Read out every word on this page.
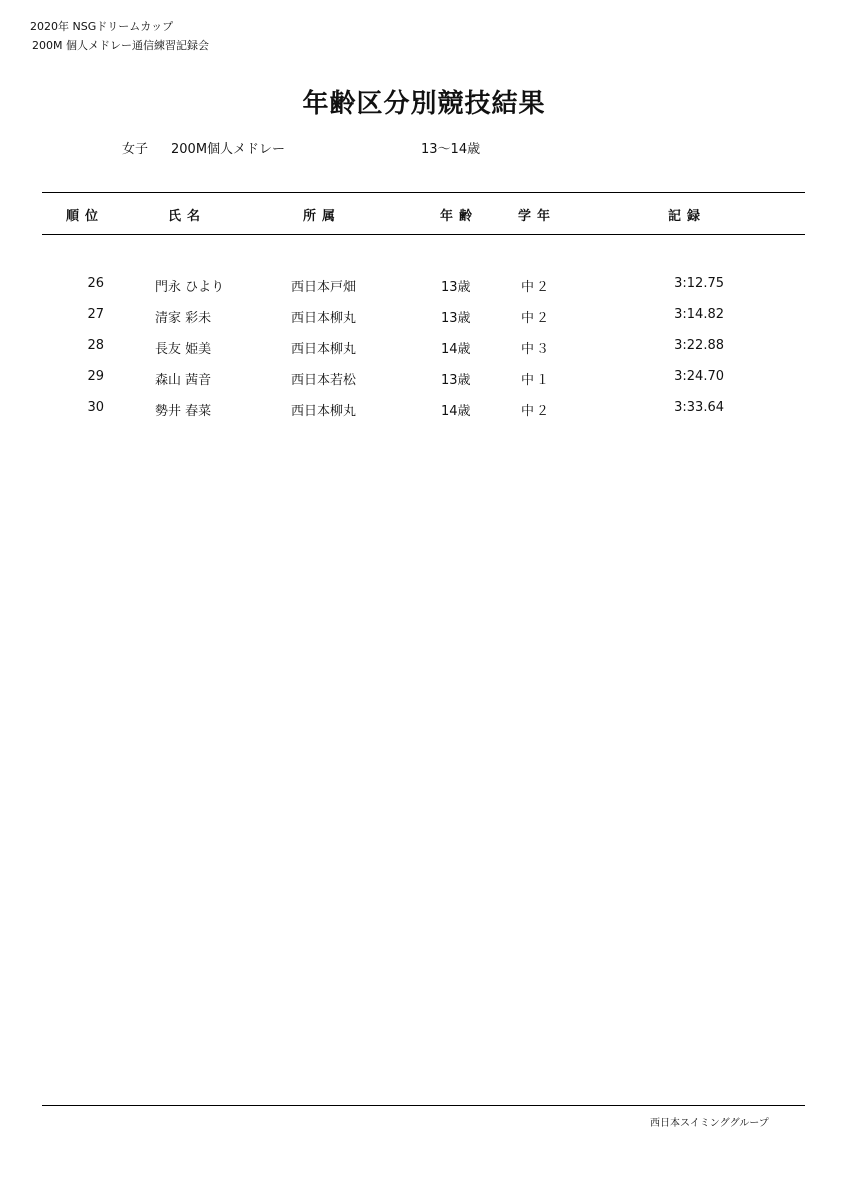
2020年 NSGドリームカップ
200M 個人メドレー通信練習記録会
年齢区分別競技結果
女子 200M個人メドレー	13～14歳
順位	氏名	所属	年齢	学年	記録
26	門永 ひより	西日本戸畑	13歳	中２	3:12.75
27	清家 彩未	西日本柳丸	13歳	中２	3:14.82
28	長友 姫美	西日本柳丸	14歳	中３	3:22.88
29	森山 茜音	西日本若松	13歳	中１	3:24.70
30	勢井 春菜	西日本柳丸	14歳	中２	3:33.64
西日本スイミンググループ
